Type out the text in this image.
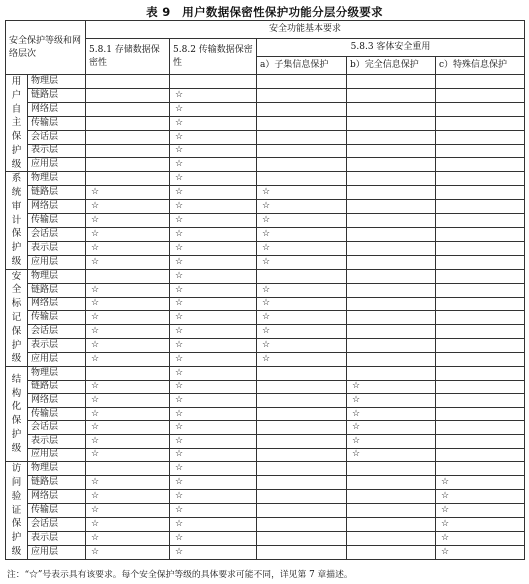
表 9　用户数据保密性保护功能分层分级要求
安全保护等级和网络层次		安全功能基本要求				
		5.8.1 存储数据保密性	5.8.2 传输数据保密性	5.8.3 客体安全重用		
				a）子集信息保护	b）完全信息保护	c）特殊信息保护
用户自主保护级	物理层					
	链路层		☆			
	网络层		☆			
	传输层		☆			
	会话层		☆			
	表示层		☆			
	应用层		☆			
系统审计保护级	物理层		☆			
	链路层	☆	☆	☆		
	网络层	☆	☆	☆		
	传输层	☆	☆	☆		
	会话层	☆	☆	☆		
	表示层	☆	☆	☆		
	应用层	☆	☆	☆		
安全标记保护级	物理层		☆			
	链路层	☆	☆	☆		
	网络层	☆	☆	☆		
	传输层	☆	☆	☆		
	会话层	☆	☆	☆		
	表示层	☆	☆	☆		
	应用层	☆	☆	☆		
结构化保护级	物理层		☆			
	链路层	☆	☆		☆	
	网络层	☆	☆		☆	
	传输层	☆	☆		☆	
	会话层	☆	☆		☆	
	表示层	☆	☆		☆	
	应用层	☆	☆		☆	
访问验证保护级	物理层		☆			
	链路层	☆	☆			☆
	网络层	☆	☆			☆
	传输层	☆	☆			☆
	会话层	☆	☆			☆
	表示层	☆	☆			☆
	应用层	☆	☆			☆
注：“☆”号表示具有该要求。每个安全保护等级的具体要求可能不同，详见第 7 章描述。
